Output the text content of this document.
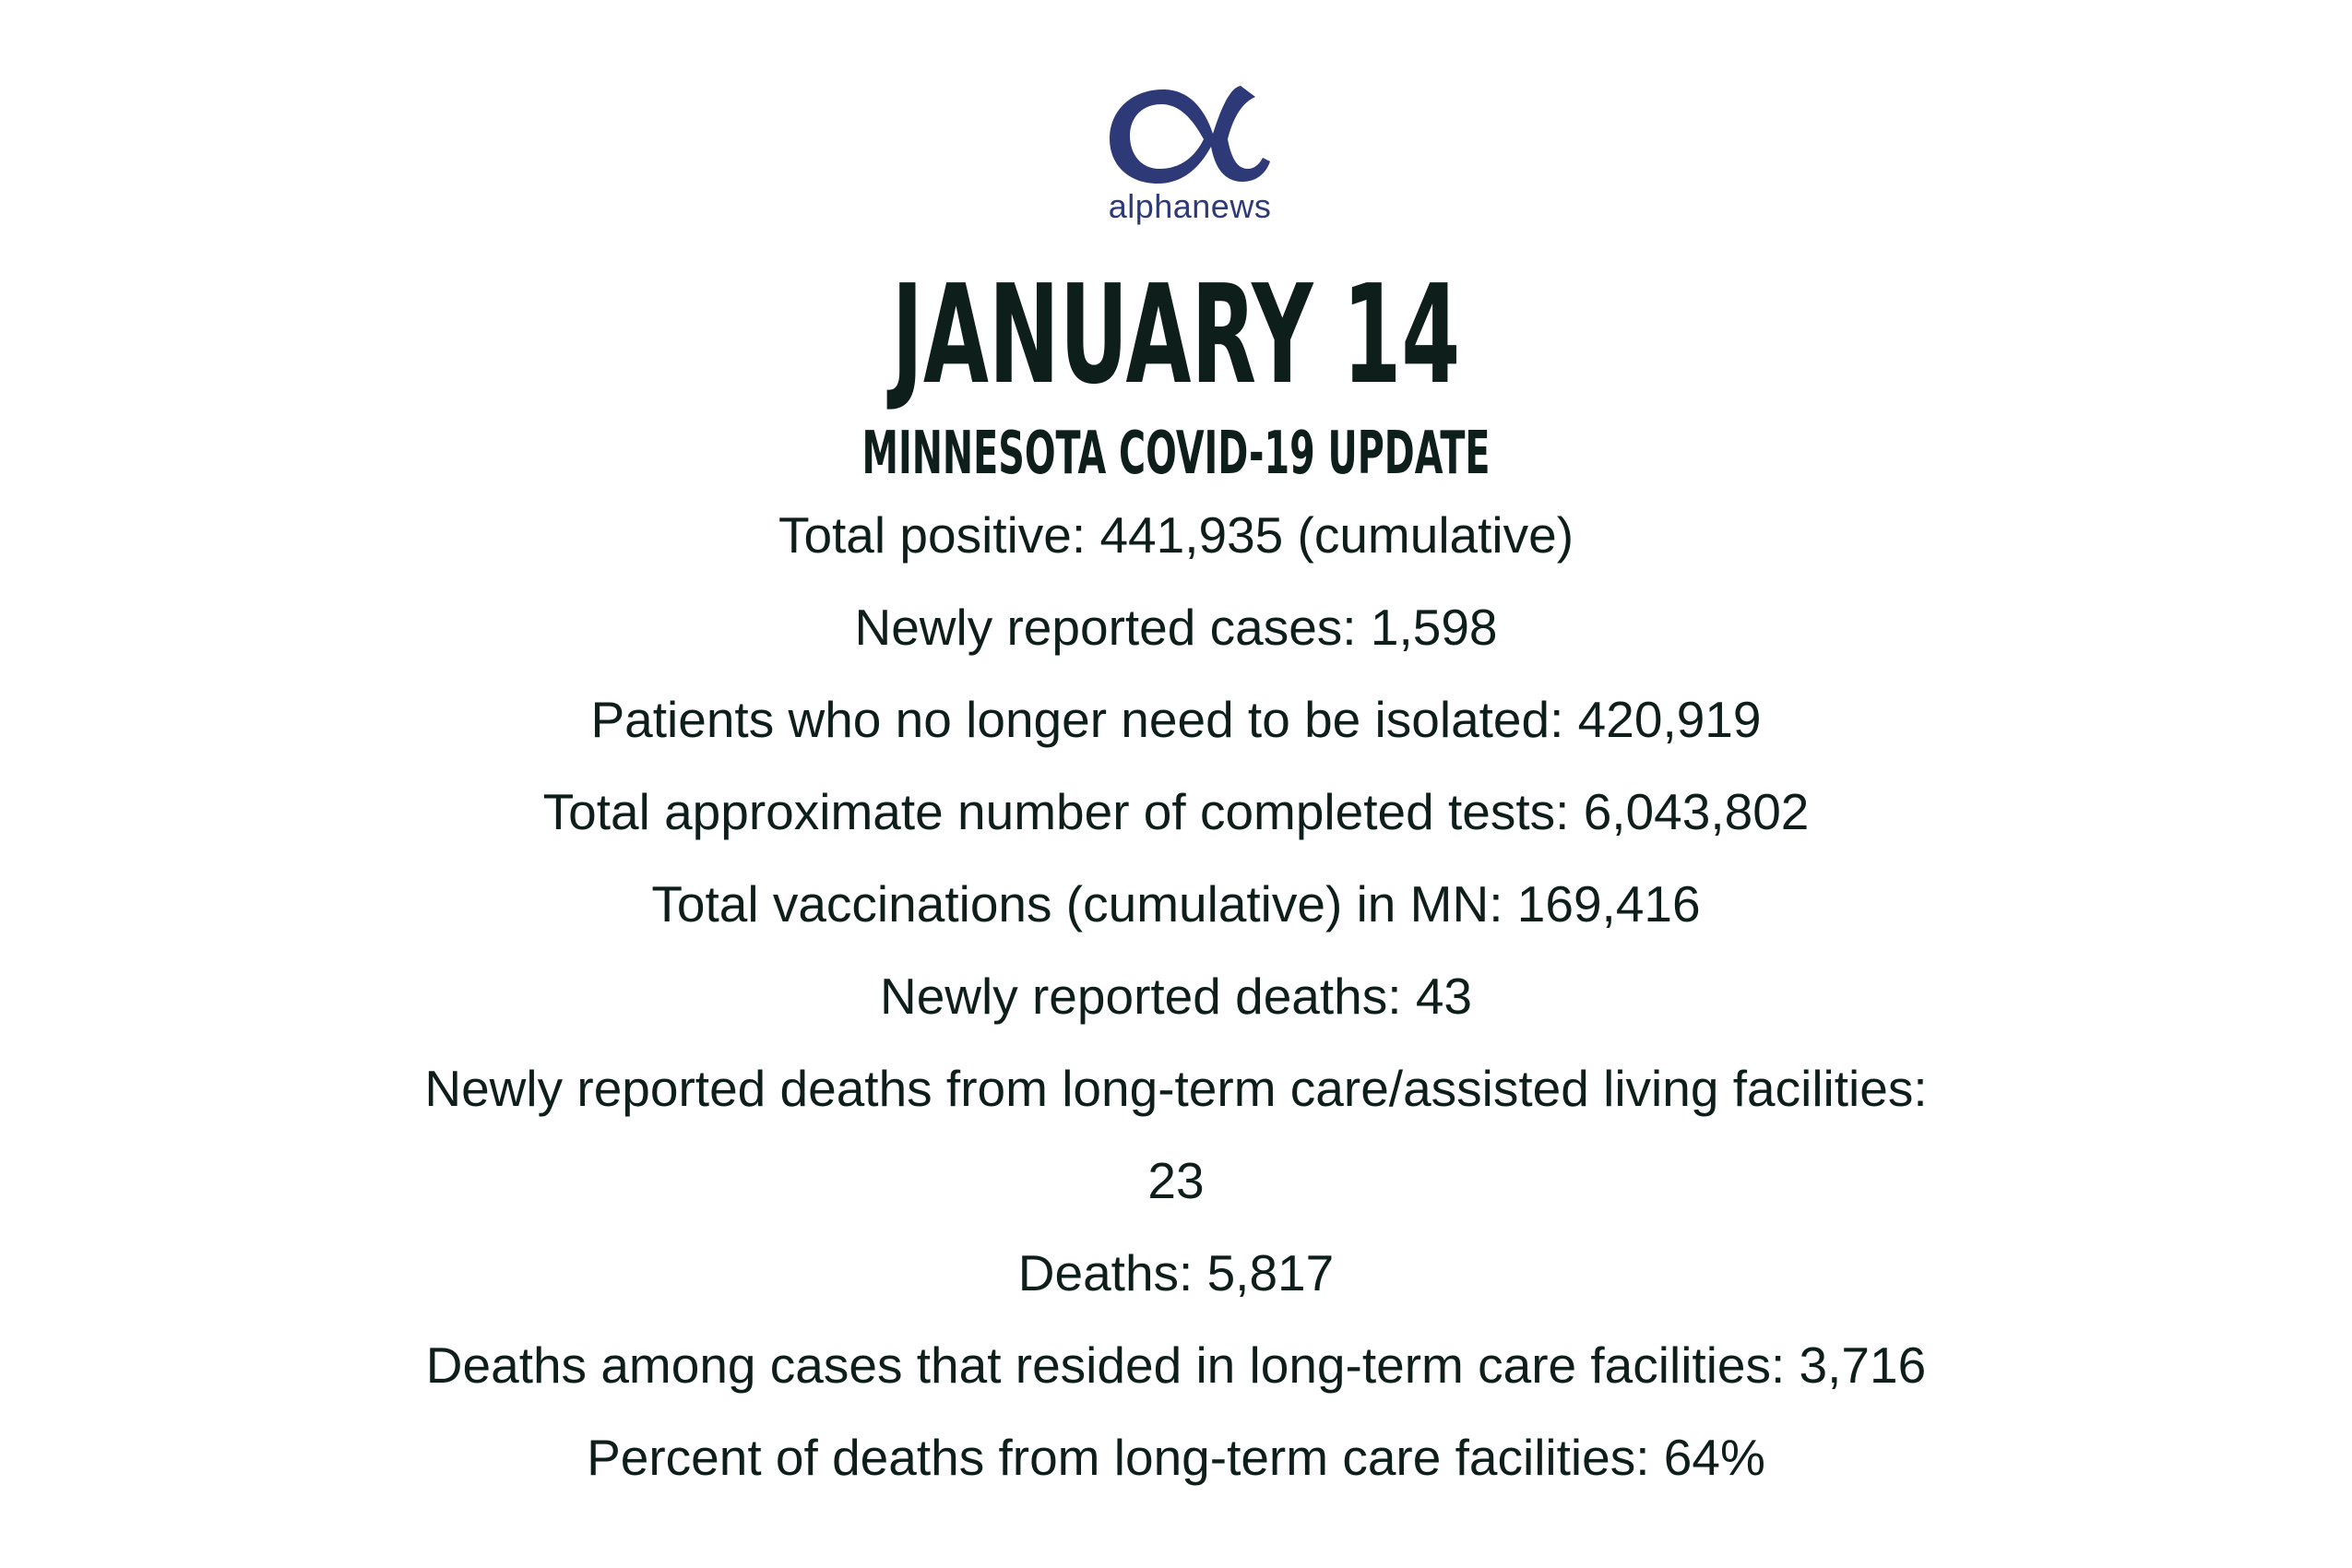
alphanews
JANUARY 14
MINNESOTA COVID-19 UPDATE
Total positive: 441,935 (cumulative)
Newly reported cases: 1,598
Patients who no longer need to be isolated: 420,919
Total approximate number of completed tests: 6,043,802
Total vaccinations (cumulative) in MN: 169,416
Newly reported deaths: 43
Newly reported deaths from long-term care/assisted living facilities:
23
Deaths: 5,817
Deaths among cases that resided in long-term care facilities: 3,716
Percent of deaths from long-term care facilities: 64%
